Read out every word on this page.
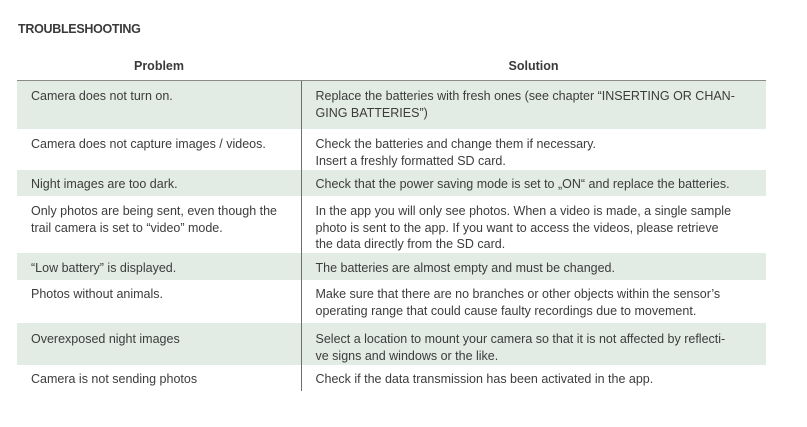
TROUBLESHOOTING
Problem	Solution

Camera does not turn on.	Replace the batteries with fresh ones (see chapter “INSERTING OR CHAN-
GING BATTERIES”)

Camera does not capture images / videos.	Check the batteries and change them if necessary.
Insert a freshly formatted SD card.

Night images are too dark.	Check that the power saving mode is set to „ON“ and replace the batteries.

Only photos are being sent, even though the
trail camera is set to “video” mode.	In the app you will only see photos. When a video is made, a single sample
photo is sent to the app. If you want to access the videos, please retrieve
the data directly from the SD card.

“Low battery” is displayed.	The batteries are almost empty and must be changed.

Photos without animals.	Make sure that there are no branches or other objects within the sensor’s
operating range that could cause faulty recordings due to movement.

Overexposed night images	Select a location to mount your camera so that it is not affected by reflecti-
ve signs and windows or the like.

Camera is not sending photos	Check if the data transmission has been activated in the app.
